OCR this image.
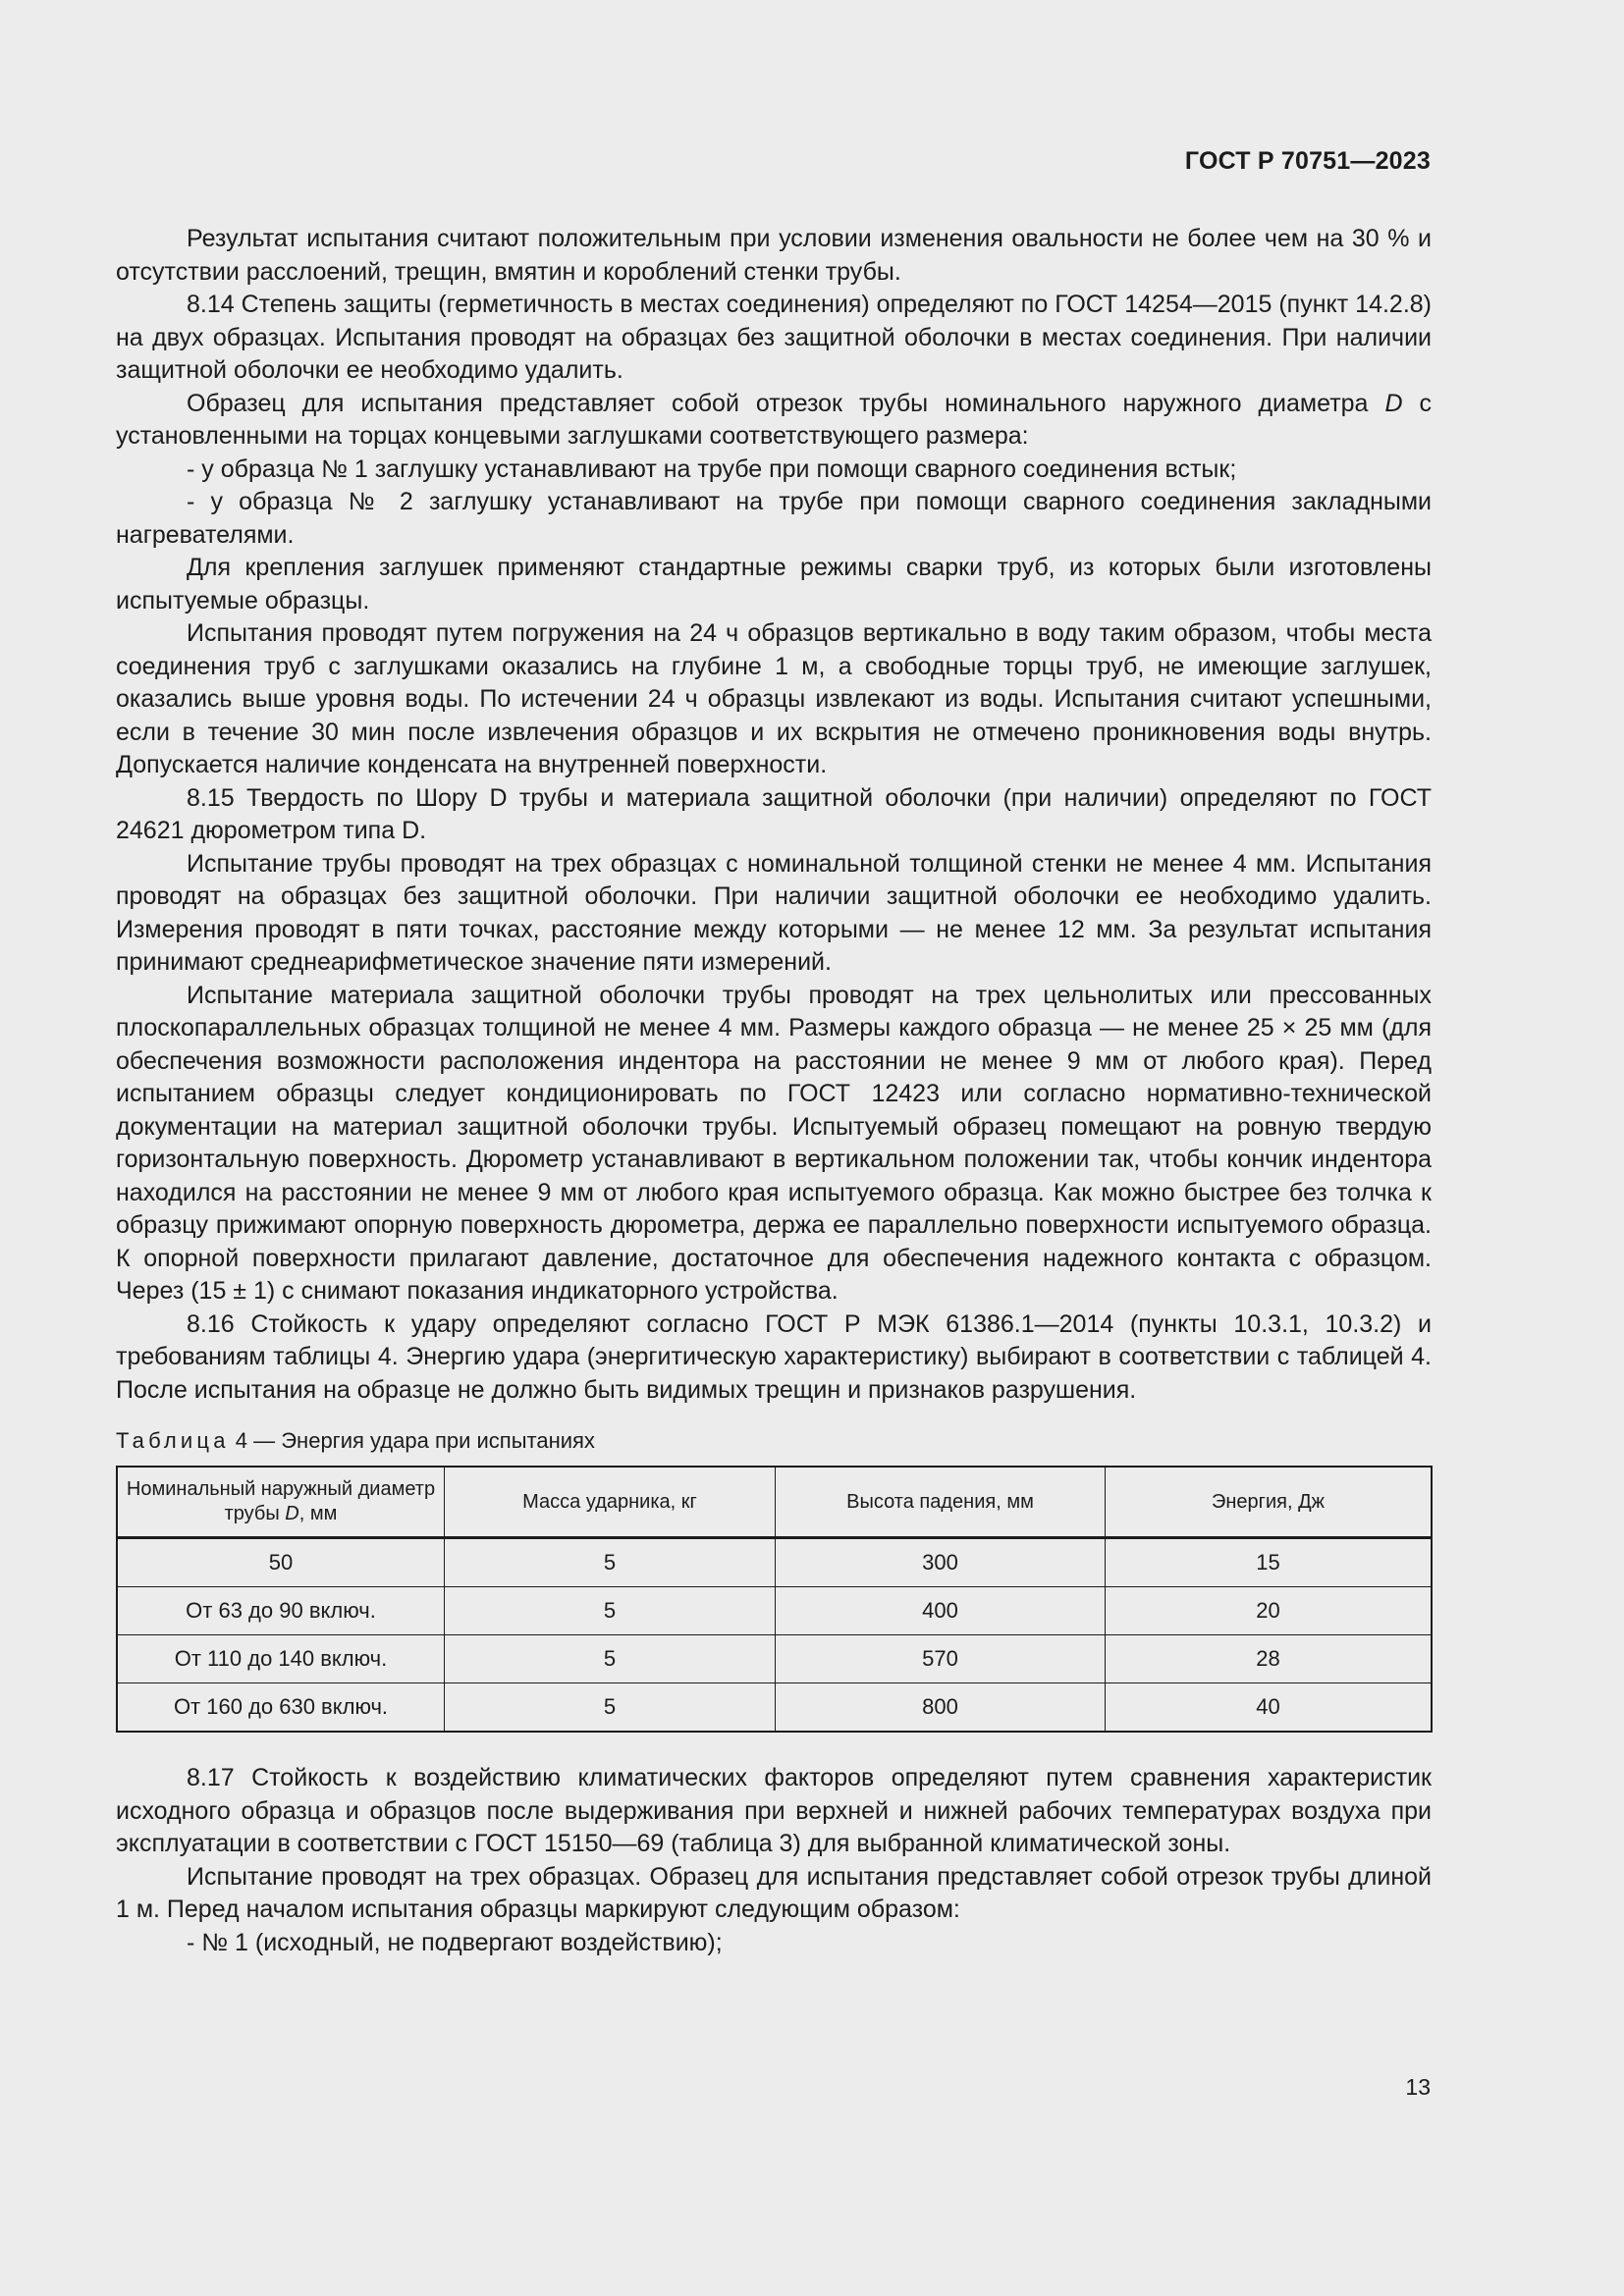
ГОСТ Р 70751—2023

Результат испытания считают положительным при условии изменения овальности не более чем на 30 % и отсутствии расслоений, трещин, вмятин и короблений стенки трубы.

8.14 Степень защиты (герметичность в местах соединения) определяют по ГОСТ 14254—2015 (пункт 14.2.8) на двух образцах. Испытания проводят на образцах без защитной оболочки в местах соединения. При наличии защитной оболочки ее необходимо удалить.

Образец для испытания представляет собой отрезок трубы номинального наружного диаметра D с установленными на торцах концевыми заглушками соответствующего размера:

- у образца № 1 заглушку устанавливают на трубе при помощи сварного соединения встык;

- у образца № 2 заглушку устанавливают на трубе при помощи сварного соединения закладными нагревателями.

Для крепления заглушек применяют стандартные режимы сварки труб, из которых были изготовлены испытуемые образцы.

Испытания проводят путем погружения на 24 ч образцов вертикально в воду таким образом, чтобы места соединения труб с заглушками оказались на глубине 1 м, а свободные торцы труб, не имеющие заглушек, оказались выше уровня воды. По истечении 24 ч образцы извлекают из воды. Испытания считают успешными, если в течение 30 мин после извлечения образцов и их вскрытия не отмечено проникновения воды внутрь. Допускается наличие конденсата на внутренней поверхности.

8.15 Твердость по Шору D трубы и материала защитной оболочки (при наличии) определяют по ГОСТ 24621 дюрометром типа D.

Испытание трубы проводят на трех образцах с номинальной толщиной стенки не менее 4 мм. Испытания проводят на образцах без защитной оболочки. При наличии защитной оболочки ее необходимо удалить. Измерения проводят в пяти точках, расстояние между которыми — не менее 12 мм. За результат испытания принимают среднеарифметическое значение пяти измерений.

Испытание материала защитной оболочки трубы проводят на трех цельнолитых или прессованных плоскопараллельных образцах толщиной не менее 4 мм. Размеры каждого образца — не менее 25 × 25 мм (для обеспечения возможности расположения индентора на расстоянии не менее 9 мм от любого края). Перед испытанием образцы следует кондиционировать по ГОСТ 12423 или согласно нормативно-технической документации на материал защитной оболочки трубы. Испытуемый образец помещают на ровную твердую горизонтальную поверхность. Дюрометр устанавливают в вертикальном положении так, чтобы кончик индентора находился на расстоянии не менее 9 мм от любого края испытуемого образца. Как можно быстрее без толчка к образцу прижимают опорную поверхность дюрометра, держа ее параллельно поверхности испытуемого образца. К опорной поверхности прилагают давление, достаточное для обеспечения надежного контакта с образцом. Через (15 ± 1) с снимают показания индикаторного устройства.

8.16 Стойкость к удару определяют согласно ГОСТ Р МЭК 61386.1—2014 (пункты 10.3.1, 10.3.2) и требованиям таблицы 4. Энергию удара (энергитическую характеристику) выбирают в соответствии с таблицей 4. После испытания на образце не должно быть видимых трещин и признаков разрушения.

Таблица 4 — Энергия удара при испытаниях
Номинальный наружный диаметр трубы D, мм	Масса ударника, кг	Высота падения, мм	Энергия, Дж
50	5	300	15
От 63 до 90 включ.	5	400	20
От 110 до 140 включ.	5	570	28
От 160 до 630 включ.	5	800	40

8.17 Стойкость к воздействию климатических факторов определяют путем сравнения характеристик исходного образца и образцов после выдерживания при верхней и нижней рабочих температурах воздуха при эксплуатации в соответствии с ГОСТ 15150—69 (таблица 3) для выбранной климатической зоны.

Испытание проводят на трех образцах. Образец для испытания представляет собой отрезок трубы длиной 1 м. Перед началом испытания образцы маркируют следующим образом:

- № 1 (исходный, не подвергают воздействию);

13
